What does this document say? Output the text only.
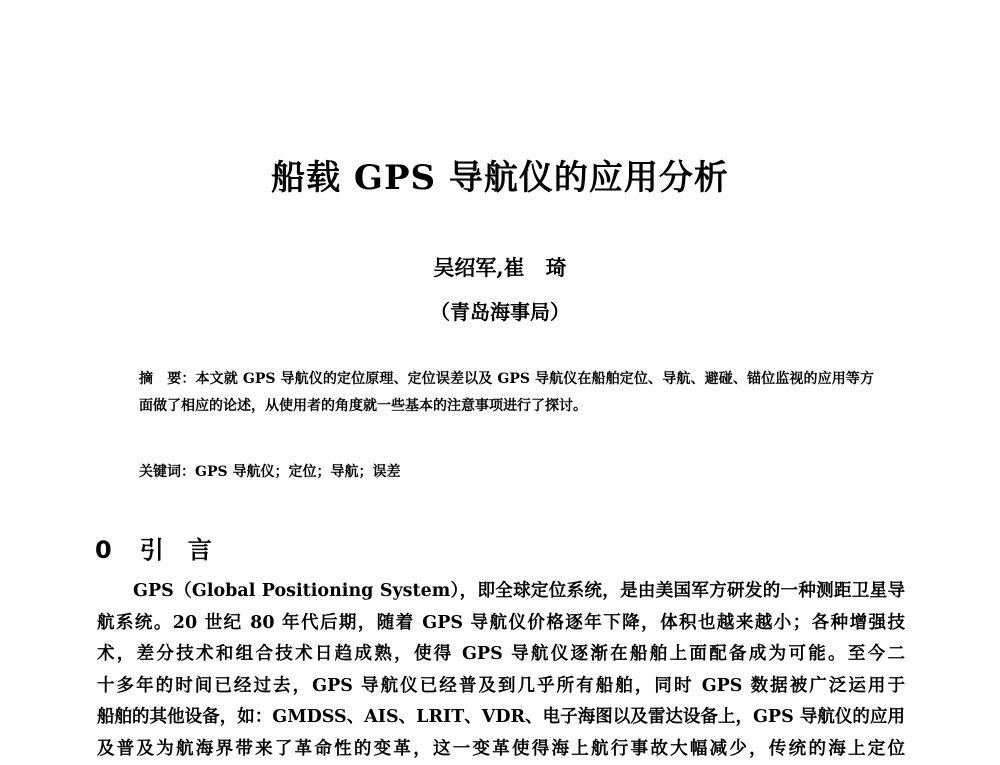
船载 GPS 导航仪的应用分析
吴绍军,崔　琦
（青岛海事局）
摘　要：本文就 GPS 导航仪的定位原理、定位误差以及 GPS 导航仪在船舶定位、导航、避碰、锚位监视的应用等方面做了相应的论述，从使用者的角度就一些基本的注意事项进行了探讨。
关键词：GPS 导航仪；定位；导航；误差
0 引言
GPS（Global Positioning System），即全球定位系统，是由美国军方研发的一种测距卫星导
航系统。20 世纪 80 年代后期，随着 GPS 导航仪价格逐年下降，体积也越来越小；各种增强技
术，差分技术和组合技术日趋成熟，使得 GPS 导航仪逐渐在船舶上面配备成为可能。至今二
十多年的时间已经过去，GPS 导航仪已经普及到几乎所有船舶，同时 GPS 数据被广泛运用于
船舶的其他设备，如：GMDSS、AIS、LRIT、VDR、电子海图以及雷达设备上，GPS 导航仪的应用
及普及为航海界带来了革命性的变革，这一变革使得海上航行事故大幅减少，传统的海上定位
